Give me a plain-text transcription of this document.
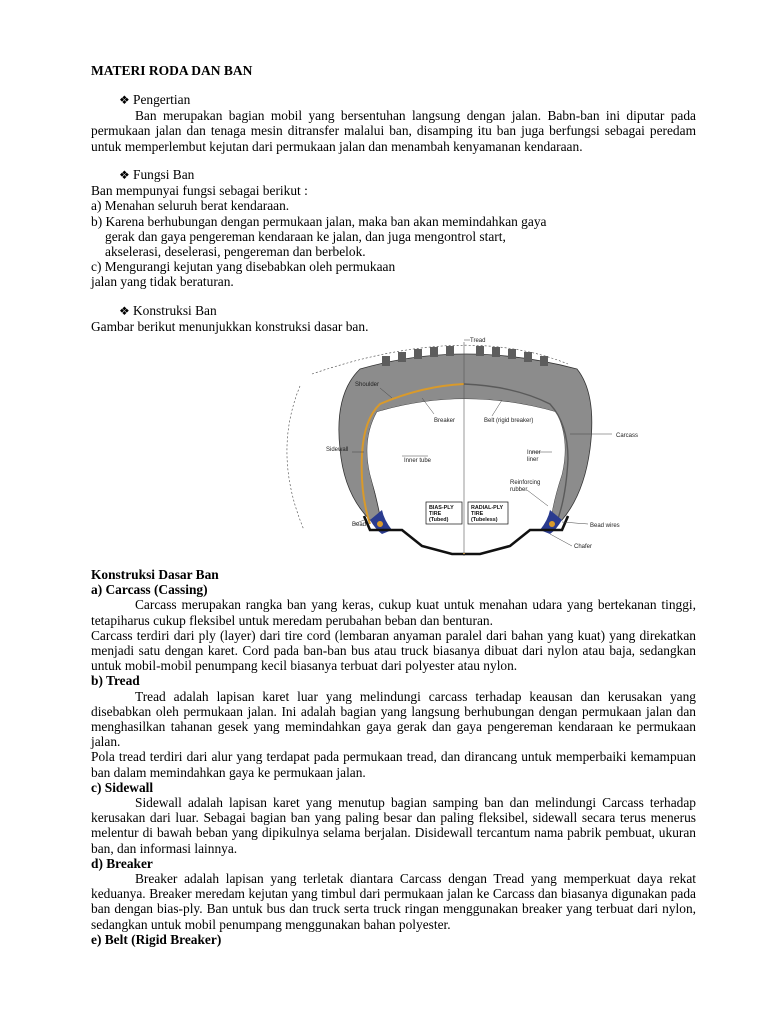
MATERI RODA DAN BAN

❖ Pengertian

Ban merupakan bagian mobil yang bersentuhan langsung dengan jalan. Babn-ban ini diputar pada permukaan jalan dan tenaga mesin ditransfer malalui ban, disamping itu ban juga berfungsi sebagai peredam untuk memperlembut kejutan dari permukaan jalan dan menambah kenyamanan kendaraan.

❖ Fungsi Ban

Ban mempunyai fungsi sebagai berikut :

a) Menahan seluruh berat kendaraan.

b) Karena berhubungan dengan permukaan jalan, maka ban akan memindahkan gaya

gerak dan gaya pengereman kendaraan ke jalan, dan juga mengontrol start,

akselerasi, deselerasi, pengereman dan berbelok.

c) Mengurangi kejutan yang disebabkan oleh permukaan

jalan yang tidak beraturan.

❖ Konstruksi Ban

Gambar berikut menunjukkan konstruksi dasar ban.

Tread
Shoulder
Breaker	Belt (rigid breaker)
Carcass
Sidewall
Inner tube
Inner
liner
Reinforcing
rubber
BIAS-PLY
TIRE
(Tubed)
RADIAL-PLY
TIRE
(Tubeless)
Bead	Bead wires
Chafer

Konstruksi Dasar Ban

a) Carcass (Cassing)

Carcass merupakan rangka ban yang keras, cukup kuat untuk menahan udara yang bertekanan tinggi, tetapiharus cukup fleksibel untuk meredam perubahan beban dan benturan.

Carcass terdiri dari ply (layer) dari tire cord (lembaran anyaman paralel dari bahan yang kuat) yang direkatkan menjadi satu dengan karet. Cord pada ban-ban bus atau truck biasanya dibuat dari nylon atau baja, sedangkan untuk mobil-mobil penumpang kecil biasanya terbuat dari polyester atau nylon.

b) Tread

Tread adalah lapisan karet luar yang melindungi carcass terhadap keausan dan kerusakan yang disebabkan oleh permukaan jalan. Ini adalah bagian yang langsung berhubungan dengan permukaan jalan dan menghasilkan tahanan gesek yang memindahkan gaya gerak dan gaya pengereman kendaraan ke permukaan jalan.

Pola tread terdiri dari alur yang terdapat pada permukaan tread, dan dirancang untuk memperbaiki kemampuan ban dalam memindahkan gaya ke permukaan jalan.

c) Sidewall

Sidewall adalah lapisan karet yang menutup bagian samping ban dan melindungi Carcass terhadap kerusakan dari luar. Sebagai bagian ban yang paling besar dan paling fleksibel, sidewall secara terus menerus melentur di bawah beban yang dipikulnya selama berjalan. Disidewall tercantum nama pabrik pembuat, ukuran ban, dan informasi lainnya.

d) Breaker

Breaker adalah lapisan yang terletak diantara Carcass dengan Tread yang memperkuat daya rekat keduanya. Breaker meredam kejutan yang timbul dari permukaan jalan ke Carcass dan biasanya digunakan pada ban dengan bias-ply. Ban untuk bus dan truck serta truck ringan menggunakan breaker yang terbuat dari nylon, sedangkan untuk mobil penumpang menggunakan bahan polyester.

e) Belt (Rigid Breaker)
